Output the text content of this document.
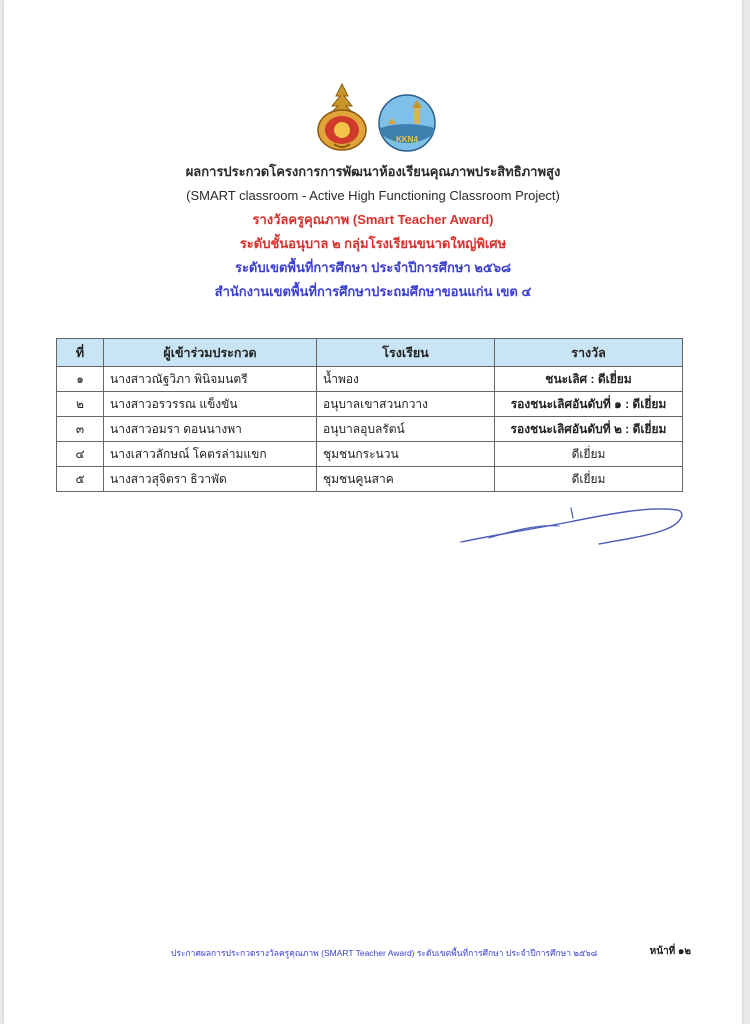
KKN4
ผลการประกวดโครงการการพัฒนาห้องเรียนคุณภาพประสิทธิภาพสูง
(SMART classroom - Active High Functioning Classroom Project)
รางวัลครูคุณภาพ (Smart Teacher Award)
ระดับชั้นอนุบาล ๒ กลุ่มโรงเรียนขนาดใหญ่พิเศษ
ระดับเขตพื้นที่การศึกษา ประจำปีการศึกษา ๒๕๖๘
สำนักงานเขตพื้นที่การศึกษาประถมศึกษาขอนแก่น เขต ๔
ที่	ผู้เข้าร่วมประกวด	โรงเรียน	รางวัล
๑	นางสาวณัฐวิภา พินิจมนตรี	น้ำพอง	ชนะเลิศ : ดีเยี่ยม
๒	นางสาวอรวรรณ แข็งขัน	อนุบาลเขาสวนกวาง	รองชนะเลิศอันดับที่ ๑ : ดีเยี่ยม
๓	นางสาวอมรา ดอนนางพา	อนุบาลอุบลรัตน์	รองชนะเลิศอันดับที่ ๒ : ดีเยี่ยม
๔	นางเสาวลักษณ์ โคตรล่ามแขก	ชุมชนกระนวน	ดีเยี่ยม
๕	นางสาวสุจิตรา ธิวาพัด	ชุมชนคูนสาค	ดีเยี่ยม
ประกาศผลการประกวดรางวัลครูคุณภาพ (SMART Teacher Award) ระดับเขตพื้นที่การศึกษา ประจำปีการศึกษา ๒๕๖๘	หน้าที่ ๑๒
